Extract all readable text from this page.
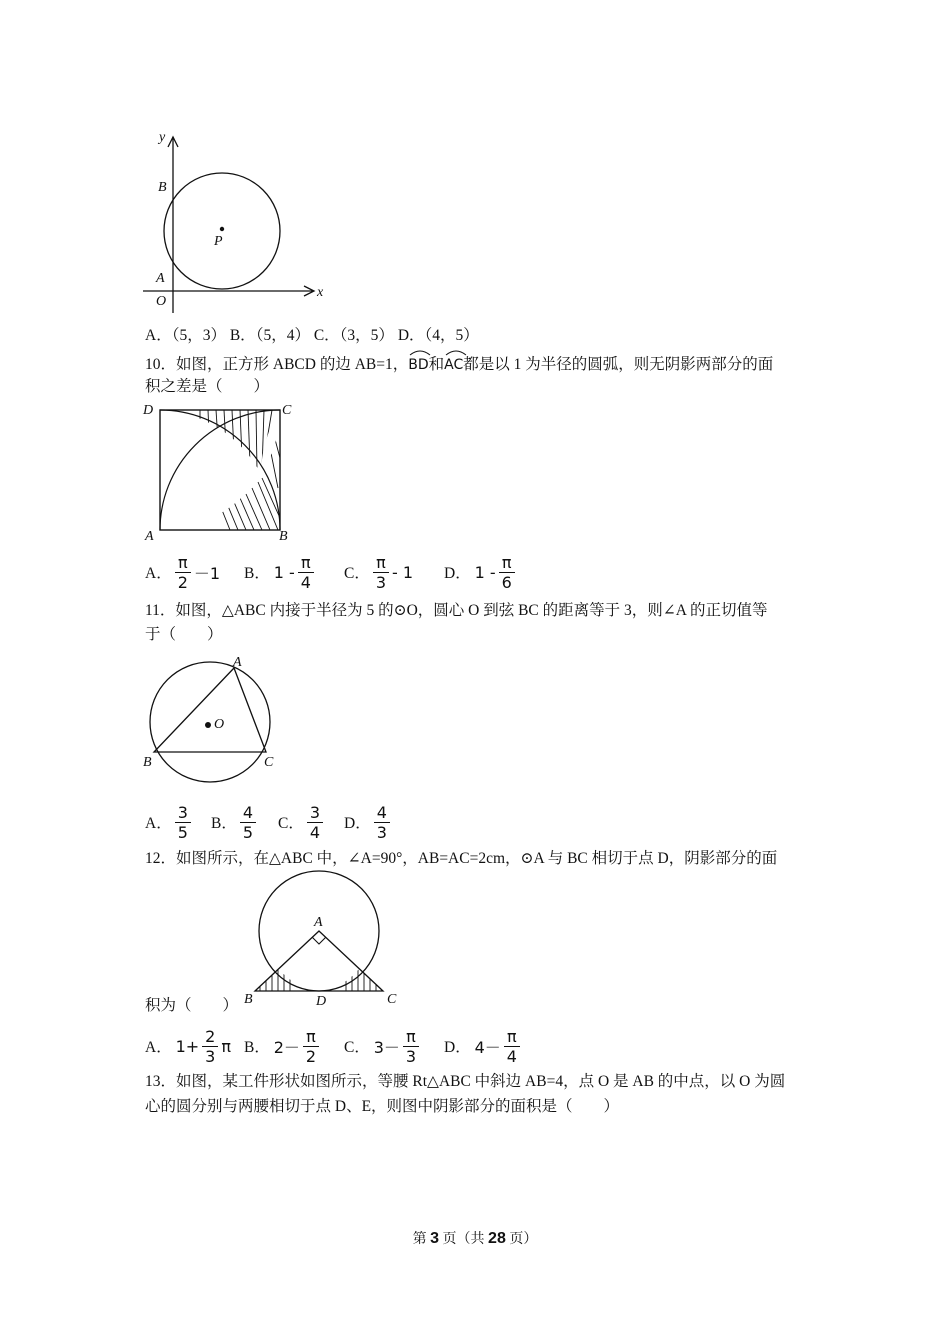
y
x
B
P
A
O
A．（5，3） B．（5，4） C．（3，5） D．（4，5）
10．如图，正方形 ABCD 的边 AB=1，
BD和
AC都是以 1 为半径的圆弧，则无阴影两部分的面
积之差是（　　）
D	C
A	B
A． $\frac{\pi}{2} -1$ B．
$1 - \frac{\pi}{4}$ C． $\frac{\pi}{3} - 1$ D．
$1 - \frac{\pi}{6}$
11．如图，△ABC 内接于半径为 5 的⊙O，圆心 O 到弦 BC 的距离等于 3，则∠A 的正切值等
于（　　）
A
O
B	C
A． $\frac{3}{5}$ B． $\frac{4}{5}$ C． $\frac{3}{4}$ D． $\frac{4}{3}$
12．如图所示，在△ABC 中，∠A=90°，AB=AC=2cm，⊙A 与 BC 相切于点 D，阴影部分的面
A
B	D	C
积为（　　）
A．
$1+ \frac{2}{3}$ π B．
$2- \frac{\pi}{2}$ C．
$3- \frac{\pi}{3}$ D．
$4- \frac{\pi}{4}$
13．如图，某工件形状如图所示，等腰 Rt△ABC 中斜边 AB=4，点 O 是 AB 的中点，以 O 为圆
心的圆分别与两腰相切于点 D、E，则图中阴影部分的面积是（　　）
第 3 页（共 28 页）
